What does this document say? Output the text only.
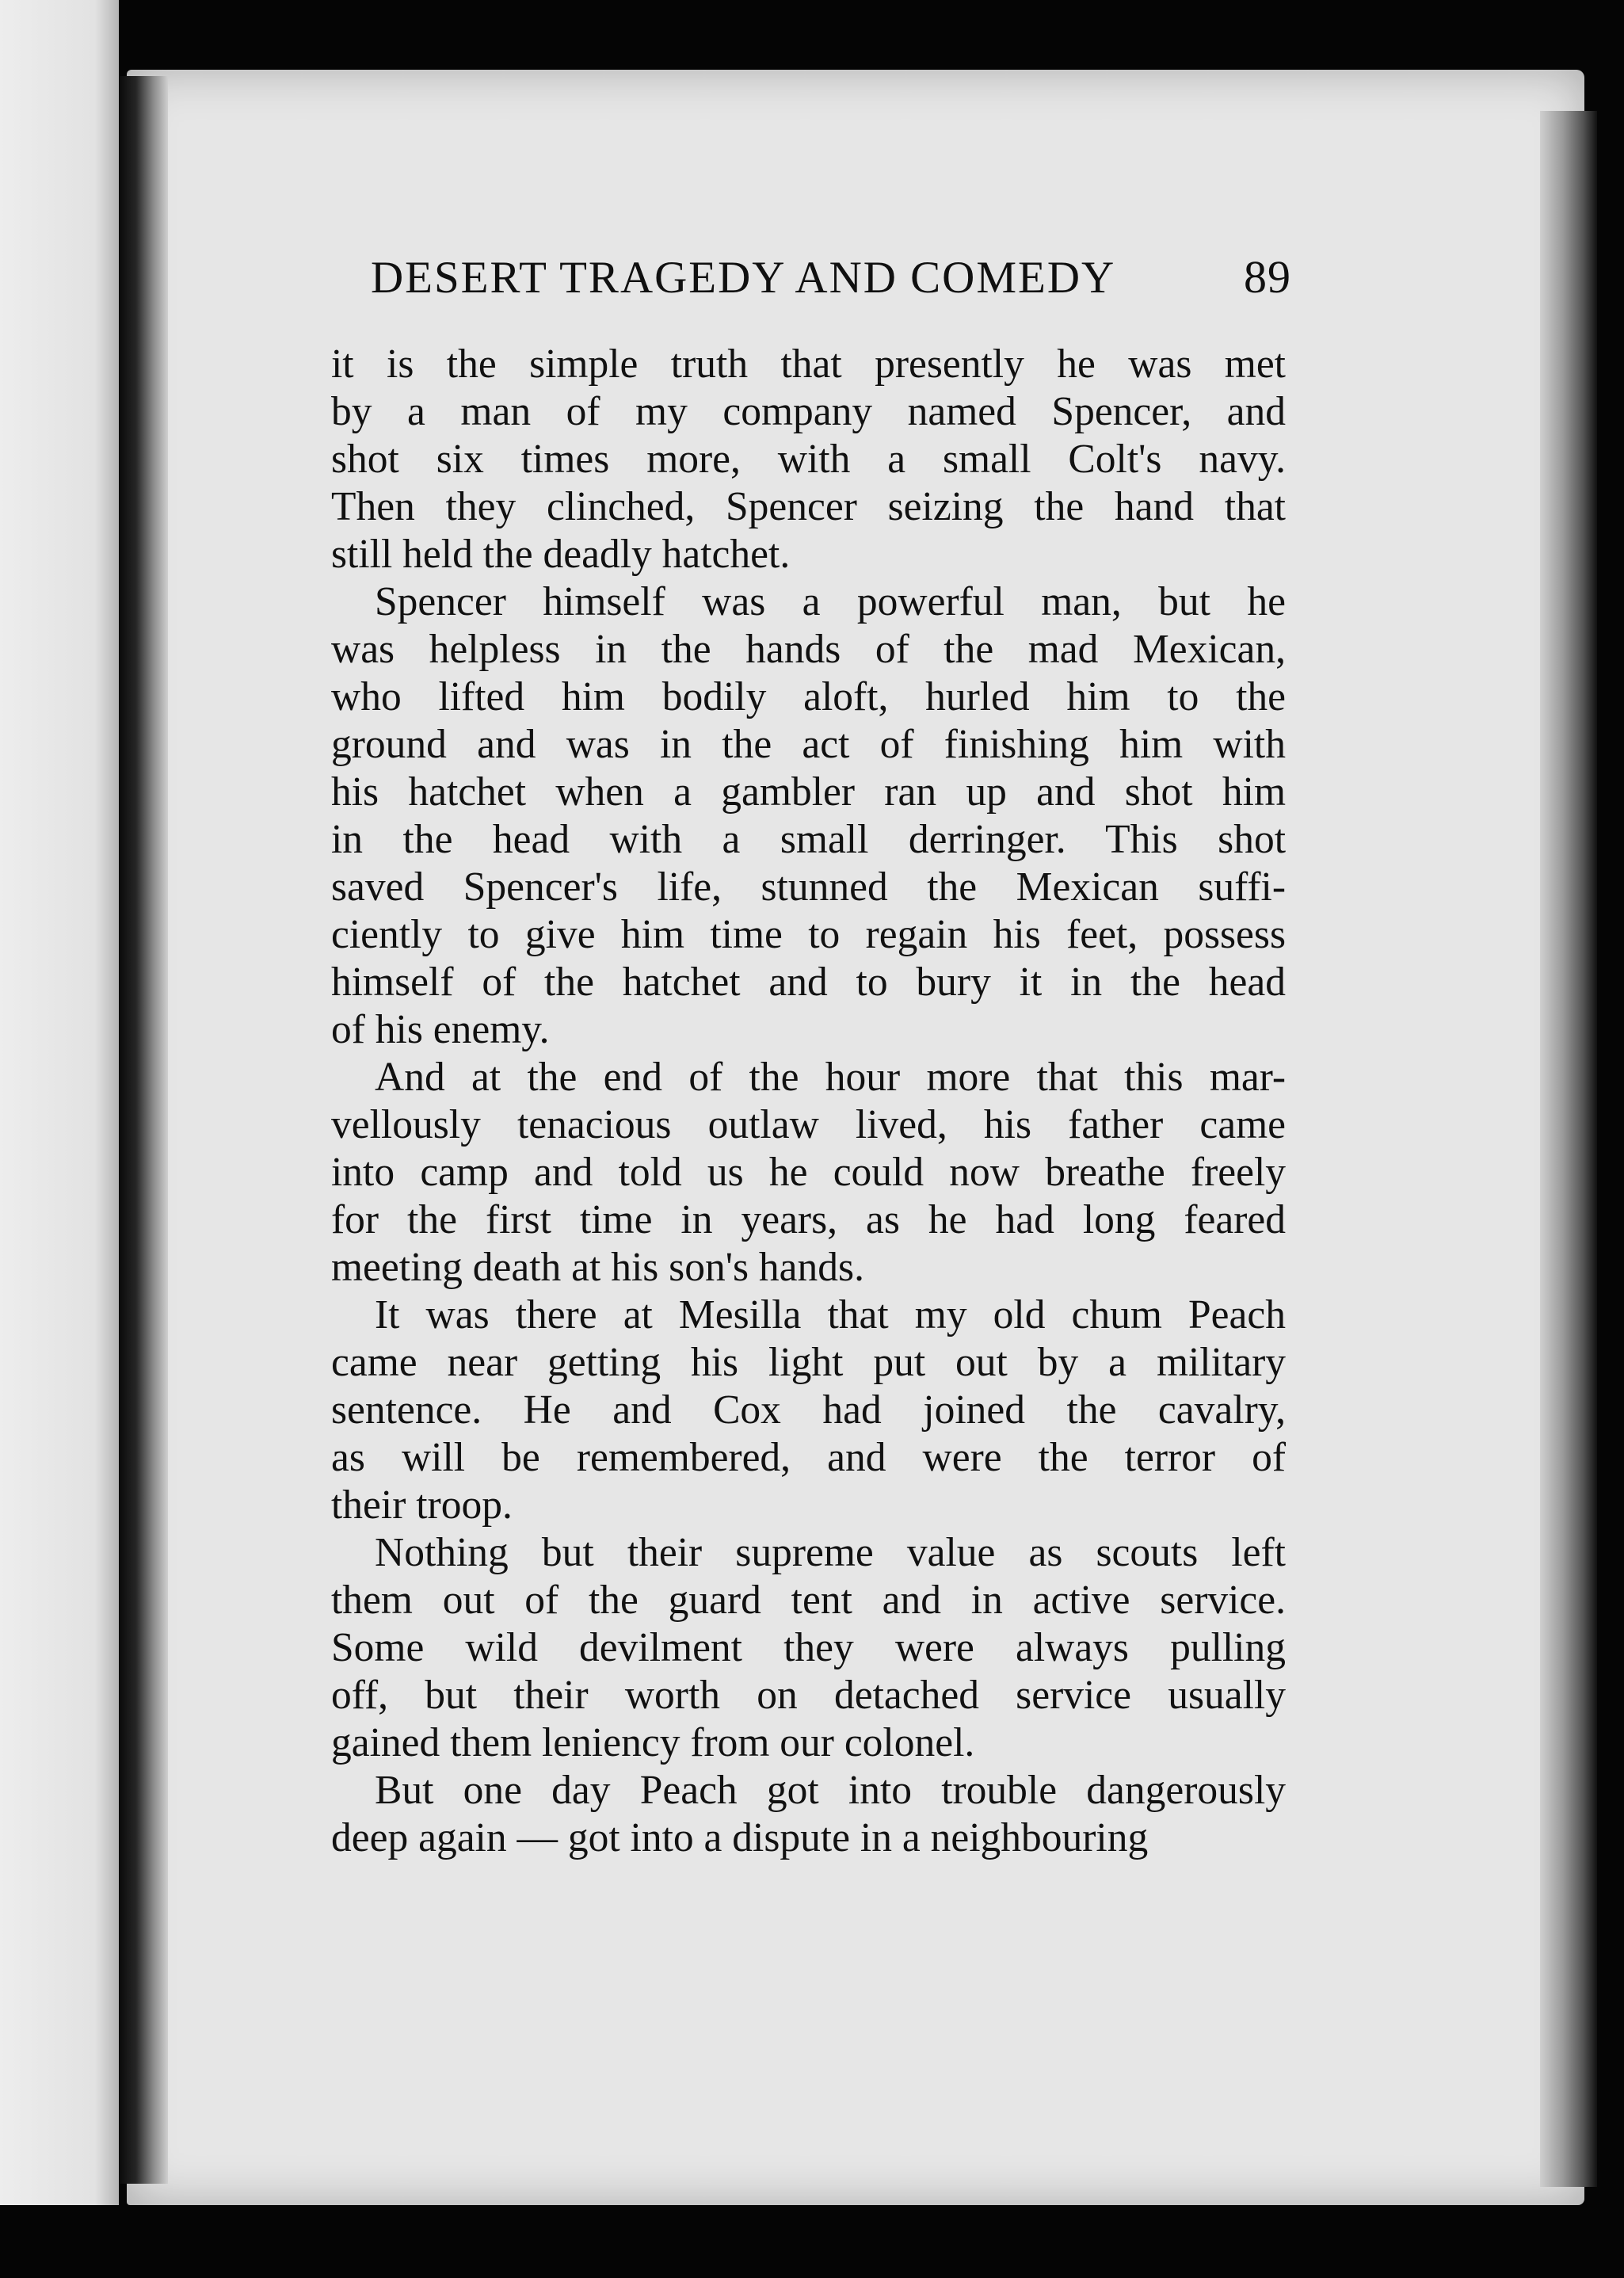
DESERT TRAGEDY AND COMEDY	89

it is the simple truth that presently he was met
by a man of my company named Spencer, and
shot six times more, with a small Colt's navy.
Then they clinched, Spencer seizing the hand that
still held the deadly hatchet.

Spencer himself was a powerful man, but he
was helpless in the hands of the mad Mexican,
who lifted him bodily aloft, hurled him to the
ground and was in the act of finishing him with
his hatchet when a gambler ran up and shot him
in the head with a small derringer. This shot
saved Spencer's life, stunned the Mexican suffi-
ciently to give him time to regain his feet, possess
himself of the hatchet and to bury it in the head
of his enemy.

And at the end of the hour more that this mar-
vellously tenacious outlaw lived, his father came
into camp and told us he could now breathe freely
for the first time in years, as he had long feared
meeting death at his son's hands.

It was there at Mesilla that my old chum Peach
came near getting his light put out by a military
sentence. He and Cox had joined the cavalry,
as will be remembered, and were the terror of
their troop.

Nothing but their supreme value as scouts left
them out of the guard tent and in active service.
Some wild devilment they were always pulling
off, but their worth on detached service usually
gained them leniency from our colonel.

But one day Peach got into trouble dangerously
deep again — got into a dispute in a neighbouring
